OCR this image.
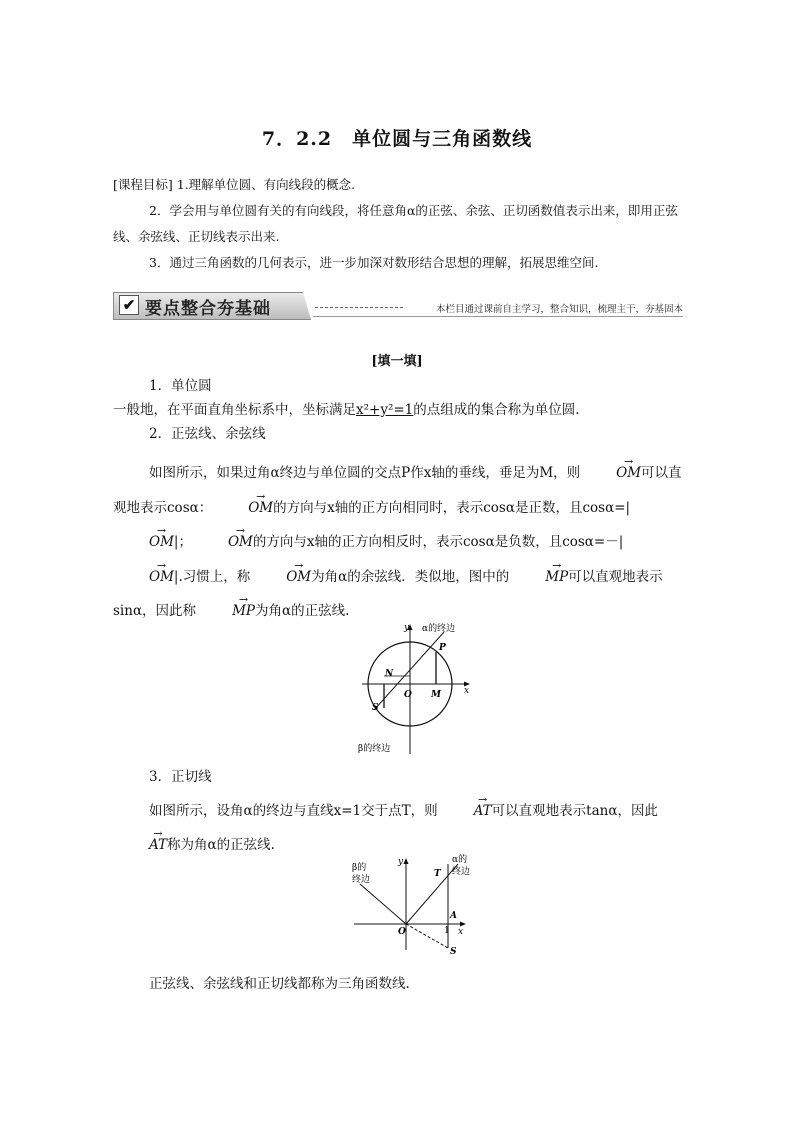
7．2.2　单位圆与三角函数线

[课程目标] 1.理解单位圆、有向线段的概念.

2．学会用与单位圆有关的有向线段，将任意角α的正弦、余弦、正切函数值表示出来，即用正弦线、余弦线、正切线表示出来.

3．通过三角函数的几何表示，进一步加深对数形结合思想的理解，拓展思维空间.

✔ 要点整合夯基础	本栏目通过课前自主学习，整合知识，梳理主干，夯基固本
[填一填]

1．单位圆

一般地，在平面直角坐标系中，坐标满足x²+y²=1的点组成的集合称为单位圆.

2．正弦线、余弦线

如图所示，如果过角α终边与单位圆的交点P作x轴的垂线，垂足为M，则	→ OM可以直观地表示cosα：	→ OM的方向与x轴的正方向相同时，表示cosα是正数，且cosα=|→ OM|；	→ OM的方向与x轴的正方向相反时，表示cosα是负数，且cosα=－|→ OM|.习惯上，称	→ OM为角α的余弦线．类似地，图中的	→ MP可以直观地表示sinα，因此称	→ MP为角α的正弦线.

α的终边
β的终边
y
x
P
N
O M
S

3．正切线

如图所示，设角α的终边与直线x=1交于点T，则	→ AT可以直观地表示tanα，因此→ AT称为角α的正弦线.

β的
终边
α的
终边
y
x
T
A
1
O
S

正弦线、余弦线和正切线都称为三角函数线.
